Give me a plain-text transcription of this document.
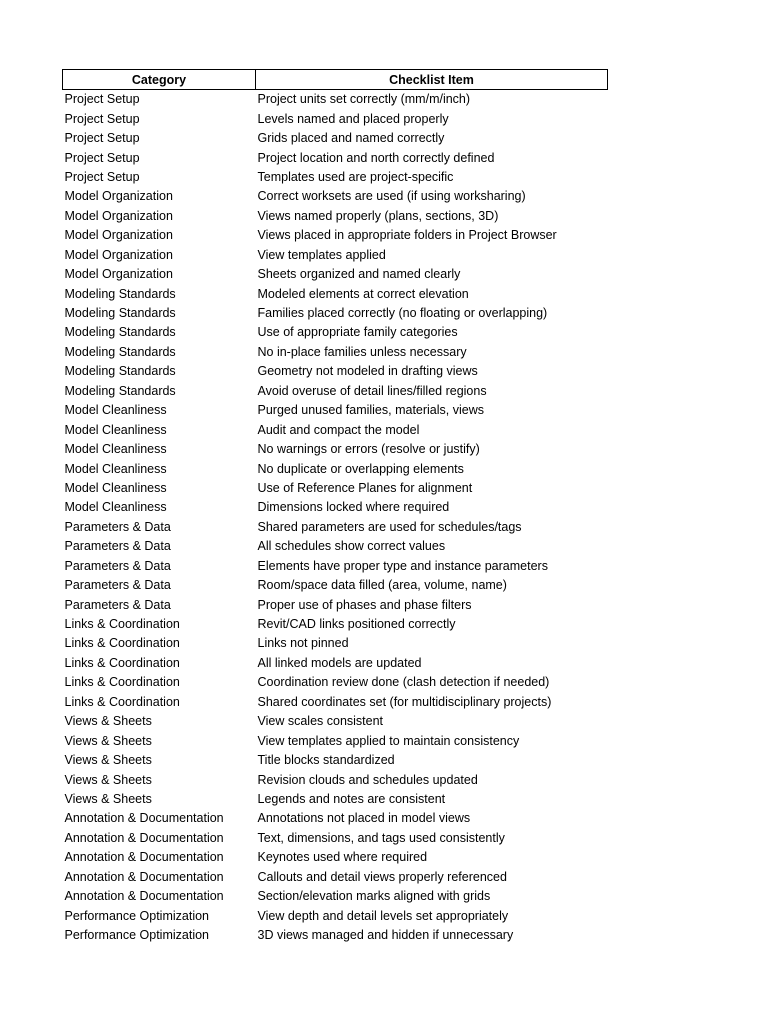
Category	Checklist Item
Project Setup	Project units set correctly (mm/m/inch)
Project Setup	Levels named and placed properly
Project Setup	Grids placed and named correctly
Project Setup	Project location and north correctly defined
Project Setup	Templates used are project-specific
Model Organization	Correct worksets are used (if using worksharing)
Model Organization	Views named properly (plans, sections, 3D)
Model Organization	Views placed in appropriate folders in Project Browser
Model Organization	View templates applied
Model Organization	Sheets organized and named clearly
Modeling Standards	Modeled elements at correct elevation
Modeling Standards	Families placed correctly (no floating or overlapping)
Modeling Standards	Use of appropriate family categories
Modeling Standards	No in-place families unless necessary
Modeling Standards	Geometry not modeled in drafting views
Modeling Standards	Avoid overuse of detail lines/filled regions
Model Cleanliness	Purged unused families, materials, views
Model Cleanliness	Audit and compact the model
Model Cleanliness	No warnings or errors (resolve or justify)
Model Cleanliness	No duplicate or overlapping elements
Model Cleanliness	Use of Reference Planes for alignment
Model Cleanliness	Dimensions locked where required
Parameters & Data	Shared parameters are used for schedules/tags
Parameters & Data	All schedules show correct values
Parameters & Data	Elements have proper type and instance parameters
Parameters & Data	Room/space data filled (area, volume, name)
Parameters & Data	Proper use of phases and phase filters
Links & Coordination	Revit/CAD links positioned correctly
Links & Coordination	Links not pinned
Links & Coordination	All linked models are updated
Links & Coordination	Coordination review done (clash detection if needed)
Links & Coordination	Shared coordinates set (for multidisciplinary projects)
Views & Sheets	View scales consistent
Views & Sheets	View templates applied to maintain consistency
Views & Sheets	Title blocks standardized
Views & Sheets	Revision clouds and schedules updated
Views & Sheets	Legends and notes are consistent
Annotation & Documentation	Annotations not placed in model views
Annotation & Documentation	Text, dimensions, and tags used consistently
Annotation & Documentation	Keynotes used where required
Annotation & Documentation	Callouts and detail views properly referenced
Annotation & Documentation	Section/elevation marks aligned with grids
Performance Optimization	View depth and detail levels set appropriately
Performance Optimization	3D views managed and hidden if unnecessary
